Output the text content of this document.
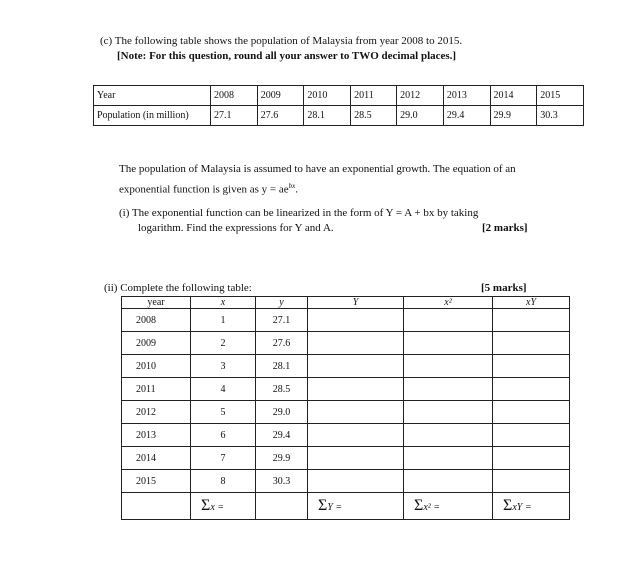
(c) The following table shows the population of Malaysia from year 2008 to 2015.
[Note: For this question, round all your answer to TWO decimal places.]
Year	2008	2009	2010	2011	2012	2013	2014	2015
Population (in million)	27.1	27.6	28.1	28.5	29.0	29.4	29.9	30.3
The population of Malaysia is assumed to have an exponential growth. The equation of an
exponential function is given as $y = ae^{bx}$.
(i) The exponential function can be linearized in the form of Y = A + bx by taking
logarithm. Find the expressions for Y and A.	[2 marks]
(ii) Complete the following table:	[5 marks]
year	x	y	Y	x²	xY
2008	1	27.1			
2009	2	27.6			
2010	3	28.1			
2011	4	28.5			
2012	5	29.0			
2013	6	29.4			
2014	7	29.9			
2015	8	30.3			
	Σx =		ΣY =	Σx² =	ΣxY =
